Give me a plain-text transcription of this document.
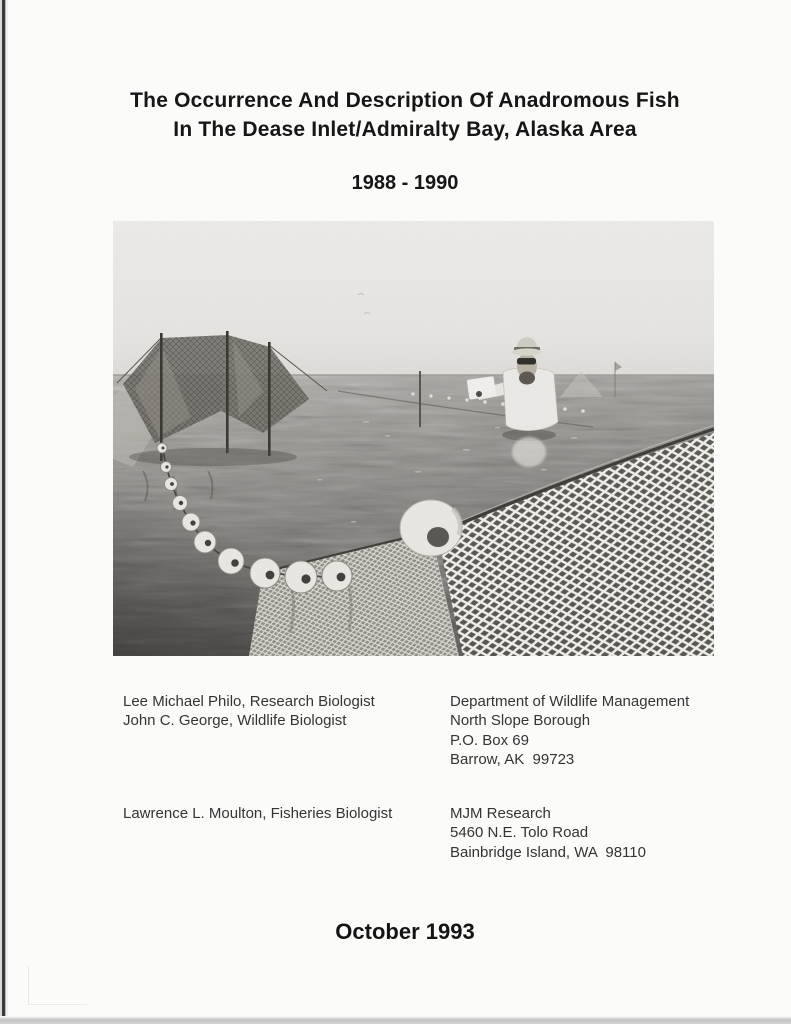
The Occurrence And Description Of Anadromous Fish
In The Dease Inlet/Admiralty Bay, Alaska Area
1988 - 1990
Lee Michael Philo, Research Biologist
John C. George, Wildlife Biologist
Department of Wildlife Management
North Slope Borough
P.O. Box 69
Barrow, AK  99723
Lawrence L. Moulton, Fisheries Biologist	MJM Research
5460 N.E. Tolo Road
Bainbridge Island, WA  98110
October 1993
